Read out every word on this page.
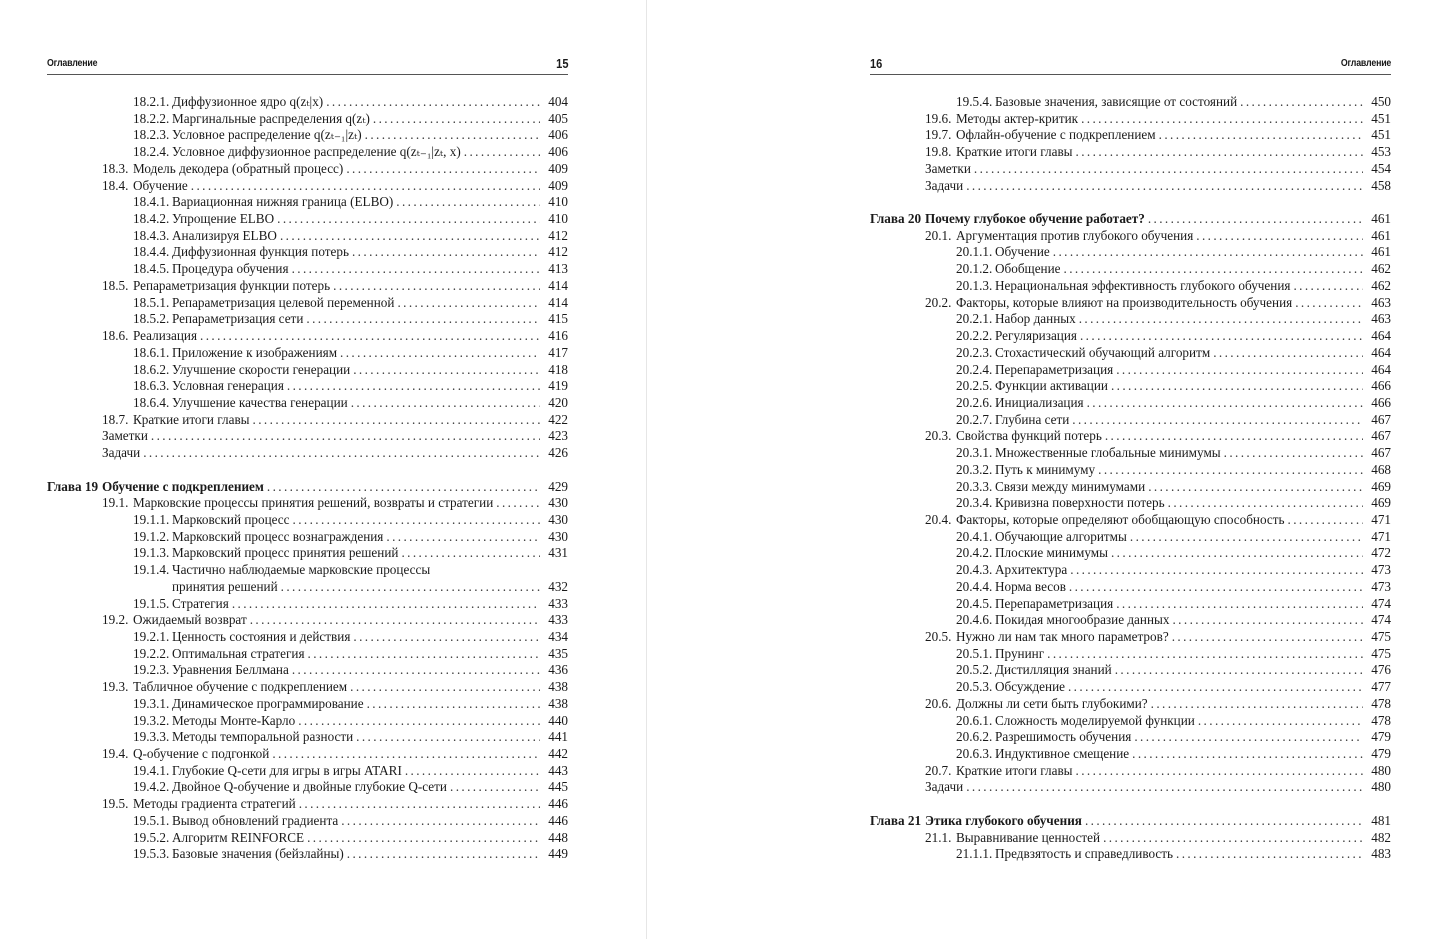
Оглавление	15
18.2.1. Диффузионное ядро q(zₜ|x) . . .	404
18.2.2. Маргинальные распределения q(zₜ) . . .	405
18.2.3. Условное распределение q(zₜ₋₁|zₜ) . . .	406
18.2.4. Условное диффузионное распределение q(zₜ₋₁|zₜ, x) . . .	406
18.3. Модель декодера (обратный процесс) . . .	409
18.4. Обучение . . .	409
18.4.1. Вариационная нижняя граница (ELBO) . . .	410
18.4.2. Упрощение ELBO . . .	410
18.4.3. Анализируя ELBO . . .	412
18.4.4. Диффузионная функция потерь . . .	412
18.4.5. Процедура обучения . . .	413
18.5. Репараметризация функции потерь . . .	414
18.5.1. Репараметризация целевой переменной . . .	414
18.5.2. Репараметризация сети . . .	415
18.6. Реализация . . .	416
18.6.1. Приложение к изображениям . . .	417
18.6.2. Улучшение скорости генерации . . .	418
18.6.3. Условная генерация . . .	419
18.6.4. Улучшение качества генерации . . .	420
18.7. Краткие итоги главы . . .	422
Заметки . . .	423
Задачи . . .	426
Глава 19 Обучение с подкреплением . . .	429
19.1. Марковские процессы принятия решений, возвраты и стратегии . . .	430
19.1.1. Марковский процесс . . .	430
19.1.2. Марковский процесс вознаграждения . . .	430
19.1.3. Марковский процесс принятия решений . . .	431
19.1.4. Частично наблюдаемые марковские процессы
принятия решений . . .	432
19.1.5. Стратегия . . .	433
19.2. Ожидаемый возврат . . .	433
19.2.1. Ценность состояния и действия . . .	434
19.2.2. Оптимальная стратегия . . .	435
19.2.3. Уравнения Беллмана . . .	436
19.3. Табличное обучение с подкреплением . . .	438
19.3.1. Динамическое программирование . . .	438
19.3.2. Методы Монте-Карло . . .	440
19.3.3. Методы темпоральной разности . . .	441
19.4. Q-обучение с подгонкой . . .	442
19.4.1. Глубокие Q-сети для игры в игры ATARI . . .	443
19.4.2. Двойное Q-обучение и двойные глубокие Q-сети . . .	445
19.5. Методы градиента стратегий . . .	446
19.5.1. Вывод обновлений градиента . . .	446
19.5.2. Алгоритм REINFORCE . . .	448
19.5.3. Базовые значения (бейзлайны) . . .	449
16	Оглавление
19.5.4. Базовые значения, зависящие от состояний . . .	450
19.6. Методы актер-критик . . .	451
19.7. Офлайн-обучение с подкреплением . . .	451
19.8. Краткие итоги главы . . .	453
Заметки . . .	454
Задачи . . .	458
Глава 20 Почему глубокое обучение работает? . . .	461
20.1. Аргументация против глубокого обучения . . .	461
20.1.1. Обучение . . .	461
20.1.2. Обобщение . . .	462
20.1.3. Нерациональная эффективность глубокого обучения . . .	462
20.2. Факторы, которые влияют на производительность обучения . . .	463
20.2.1. Набор данных . . .	463
20.2.2. Регуляризация . . .	464
20.2.3. Стохастический обучающий алгоритм . . .	464
20.2.4. Перепараметризация . . .	464
20.2.5. Функции активации . . .	466
20.2.6. Инициализация . . .	466
20.2.7. Глубина сети . . .	467
20.3. Свойства функций потерь . . .	467
20.3.1. Множественные глобальные минимумы . . .	467
20.3.2. Путь к минимуму . . .	468
20.3.3. Связи между минимумами . . .	469
20.3.4. Кривизна поверхности потерь . . .	469
20.4. Факторы, которые определяют обобщающую способность . . .	471
20.4.1. Обучающие алгоритмы . . .	471
20.4.2. Плоские минимумы . . .	472
20.4.3. Архитектура . . .	473
20.4.4. Норма весов . . .	473
20.4.5. Перепараметризация . . .	474
20.4.6. Покидая многообразие данных . . .	474
20.5. Нужно ли нам так много параметров? . . .	475
20.5.1. Прунинг . . .	475
20.5.2. Дистилляция знаний . . .	476
20.5.3. Обсуждение . . .	477
20.6. Должны ли сети быть глубокими? . . .	478
20.6.1. Сложность моделируемой функции . . .	478
20.6.2. Разрешимость обучения . . .	479
20.6.3. Индуктивное смещение . . .	479
20.7. Краткие итоги главы . . .	480
Задачи . . .	480
Глава 21 Этика глубокого обучения . . .	481
21.1. Выравнивание ценностей . . .	482
21.1.1. Предвзятость и справедливость . . .	483
